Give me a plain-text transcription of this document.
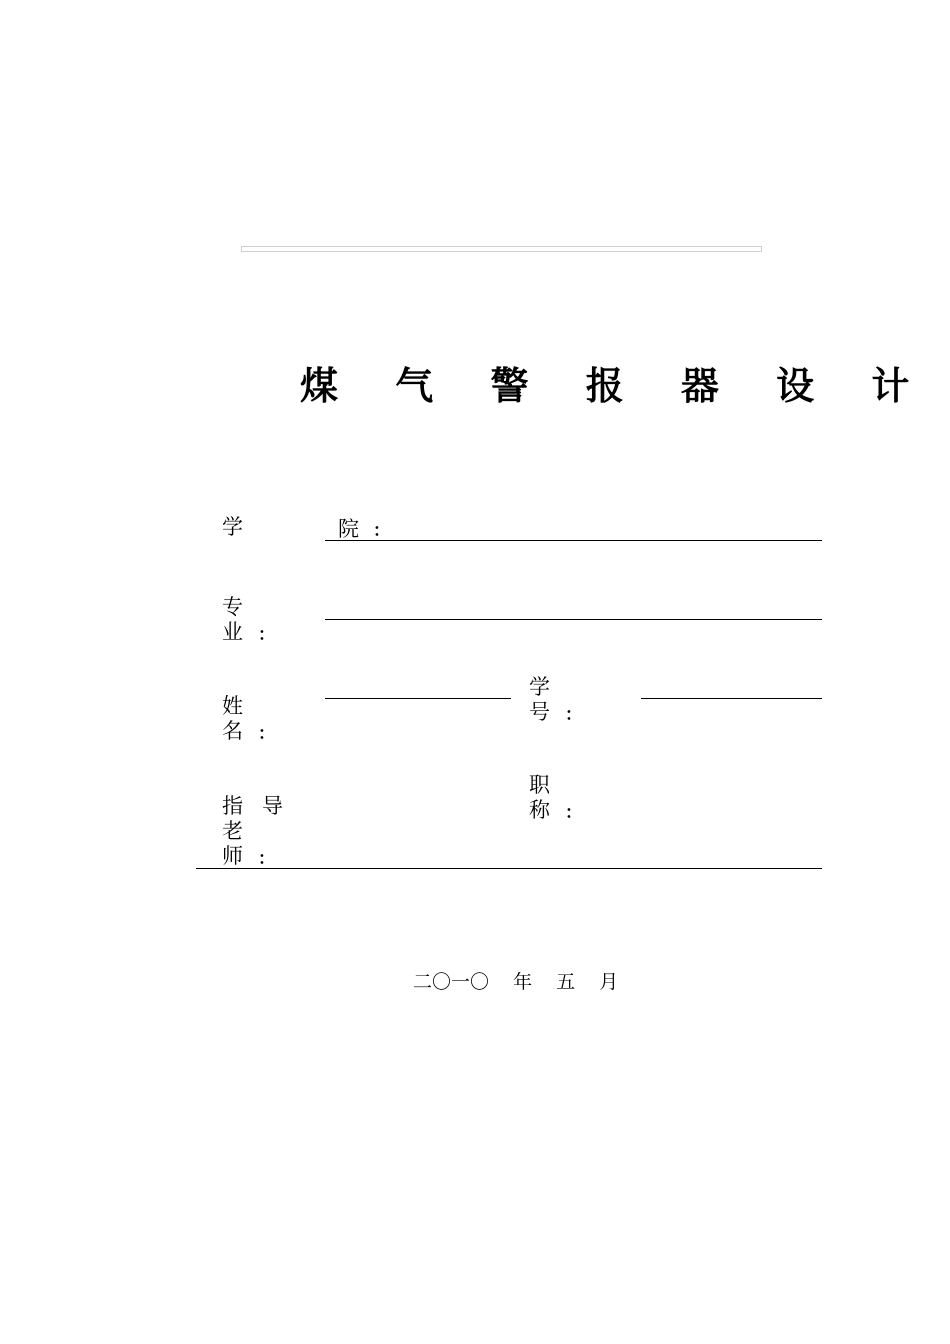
煤 气 警 报 器 设 计
学	院 ：
专
业 ：
姓
名 ：
学
号 ：
指 导
老
师 ：
职
称 ：
二〇一〇 年 五 月
